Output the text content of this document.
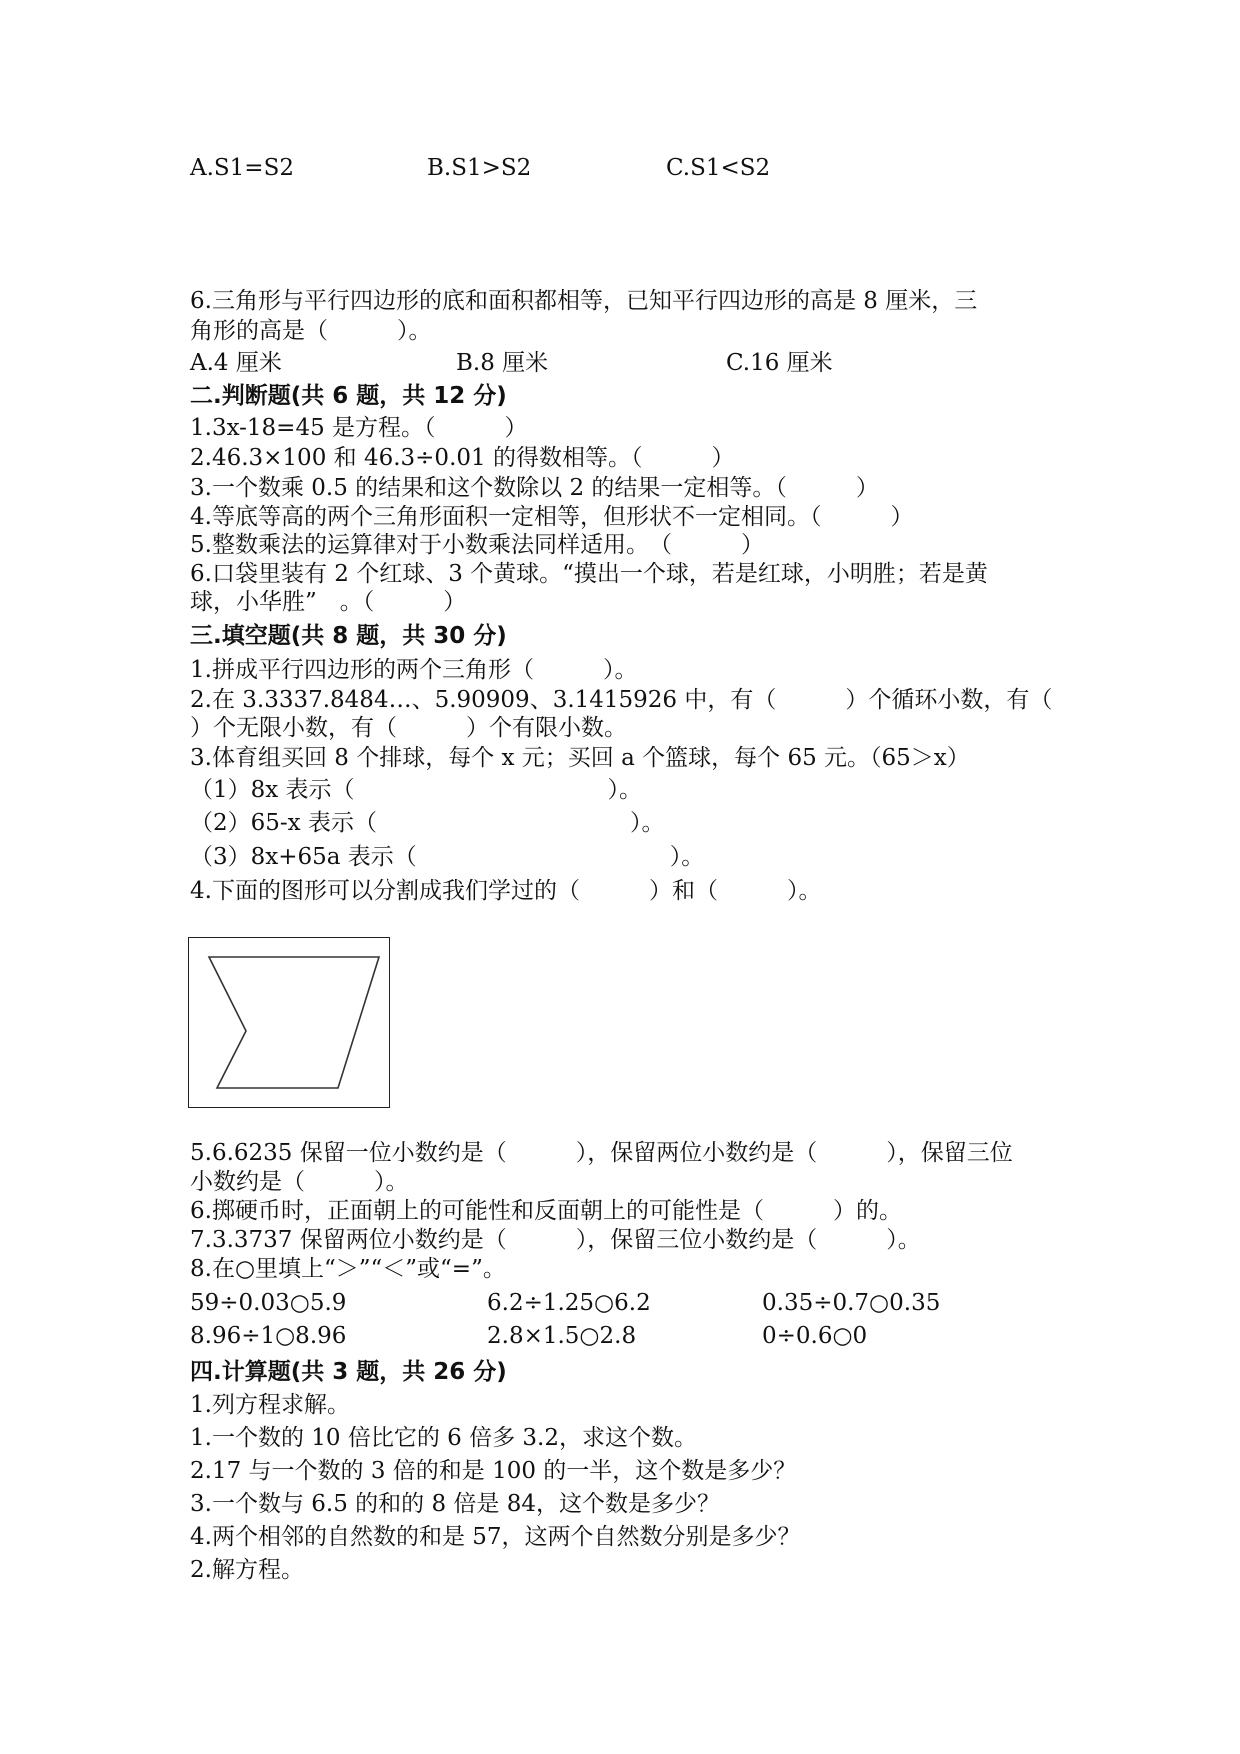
A.S1=S2	B.S1>S2	C.S1<S2
6.三角形与平行四边形的底和面积都相等，已知平行四边形的高是 8 厘米，三
角形的高是（　　　）。
A.4 厘米	B.8 厘米	C.16 厘米
二.判断题(共 6 题，共 12 分)
1.3x-18=45 是方程。（　　　）
2.46.3×100 和 46.3÷0.01 的得数相等。（　　　）
3.一个数乘 0.5 的结果和这个数除以 2 的结果一定相等。（　　　）
4.等底等高的两个三角形面积一定相等，但形状不一定相同。（　　　）
5.整数乘法的运算律对于小数乘法同样适用。　（　　　）
6.口袋里装有 2 个红球、3 个黄球。“摸出一个球，若是红球，小明胜；若是黄
球，小华胜”　。（　　　）
三.填空题(共 8 题，共 30 分)
1.拼成平行四边形的两个三角形（　　　）。
2.在 3.3337.8484…、5.90909、3.1415926 中，有（　　　）个循环小数，有（
）个无限小数，有（　　　）个有限小数。
3.体育组买回 8 个排球，每个 x 元；买回 a 个篮球，每个 65 元。（65＞x）
（1）8x 表示（　　　　　　　　　　　）。
（2）65-x 表示（　　　　　　　　　　　）。
（3）8x+65a 表示（　　　　　　　　　　　）。
4.下面的图形可以分割成我们学过的（　　　）和（　　　）。
5.6.6235 保留一位小数约是（　　　），保留两位小数约是（　　　），保留三位
小数约是（　　　）。
6.掷硬币时，正面朝上的可能性和反面朝上的可能性是（　　　）的。
7.3.3737 保留两位小数约是（　　　），保留三位小数约是（　　　）。
8.在○里填上“＞”“＜”或“=”。
59÷0.03○5.9	6.2÷1.25○6.2	0.35÷0.7○0.35
8.96÷1○8.96	2.8×1.5○2.8	0÷0.6○0
四.计算题(共 3 题，共 26 分)
1.列方程求解。
1.一个数的 10 倍比它的 6 倍多 3.2，求这个数。
2.17 与一个数的 3 倍的和是 100 的一半，这个数是多少？
3.一个数与 6.5 的和的 8 倍是 84，这个数是多少？
4.两个相邻的自然数的和是 57，这两个自然数分别是多少？
2.解方程。
